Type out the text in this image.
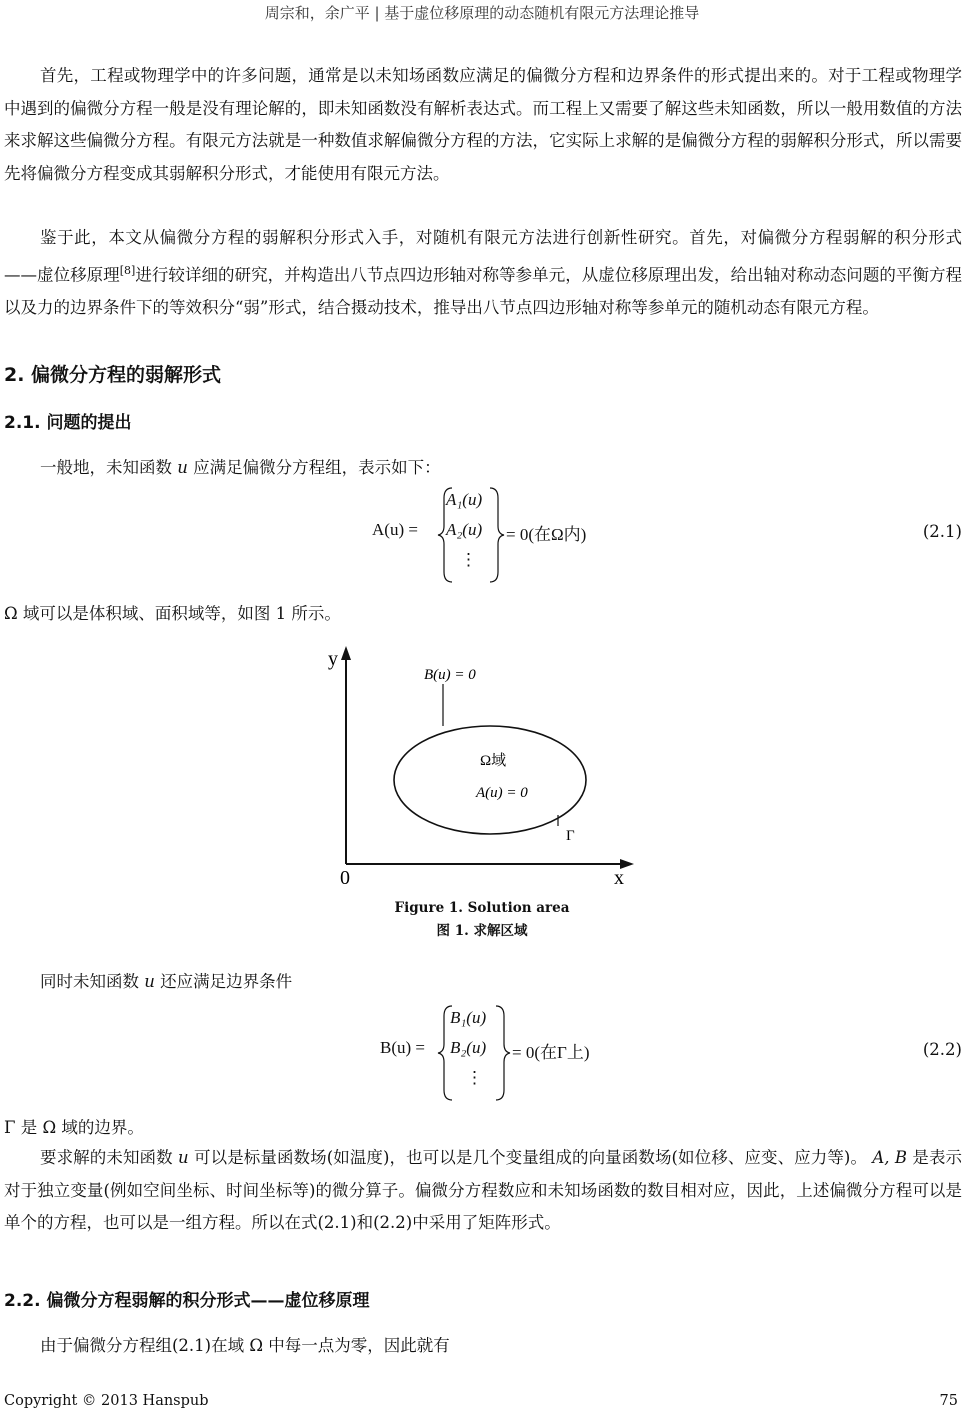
周宗和，余广平 | 基于虚位移原理的动态随机有限元方法理论推导

首先，工程或物理学中的许多问题，通常是以未知场函数应满足的偏微分方程和边界条件的形式提出来的。对于工程或物理学中遇到的偏微分方程一般是没有理论解的，即未知函数没有解析表达式。而工程上又需要了解这些未知函数，所以一般用数值的方法来求解这些偏微分方程。有限元方法就是一种数值求解偏微分方程的方法，它实际上求解的是偏微分方程的弱解积分形式，所以需要先将偏微分方程变成其弱解积分形式，才能使用有限元方法。

鉴于此，本文从偏微分方程的弱解积分形式入手，对随机有限元方法进行创新性研究。首先，对偏微分方程弱解的积分形式——虚位移原理[8]进行较详细的研究，并构造出八节点四边形轴对称等参单元，从虚位移原理出发，给出轴对称动态问题的平衡方程以及力的边界条件下的等效积分“弱”形式，结合摄动技术，推导出八节点四边形轴对称等参单元的随机动态有限元方程。

2. 偏微分方程的弱解形式
2.1. 问题的提出
一般地，未知函数 u 应满足偏微分方程组，表示如下：
A(u) =
A₁(u)
A₂(u)
⋮
= 0(在Ω内)	(2.1)
Ω 域可以是体积域、面积域等，如图 1 所示。
y
x
0
B(u) = 0
Ω域
A(u) = 0
Γ
Figure 1. Solution area
图 1. 求解区域
同时未知函数 u 还应满足边界条件
B(u) =
B₁(u)
B₂(u)
⋮
= 0(在Γ上)	(2.2)
Γ 是 Ω 域的边界。

要求解的未知函数 u 可以是标量函数场(如温度)，也可以是几个变量组成的向量函数场(如位移、应变、应力等)。 A, B 是表示对于独立变量(例如空间坐标、时间坐标等)的微分算子。偏微分方程数应和未知场函数的数目相对应，因此，上述偏微分方程可以是单个的方程，也可以是一组方程。所以在式(2.1)和(2.2)中采用了矩阵形式。

2.2. 偏微分方程弱解的积分形式——虚位移原理
由于偏微分方程组(2.1)在域 Ω 中每一点为零，因此就有
Copyright © 2013 Hanspub	75
